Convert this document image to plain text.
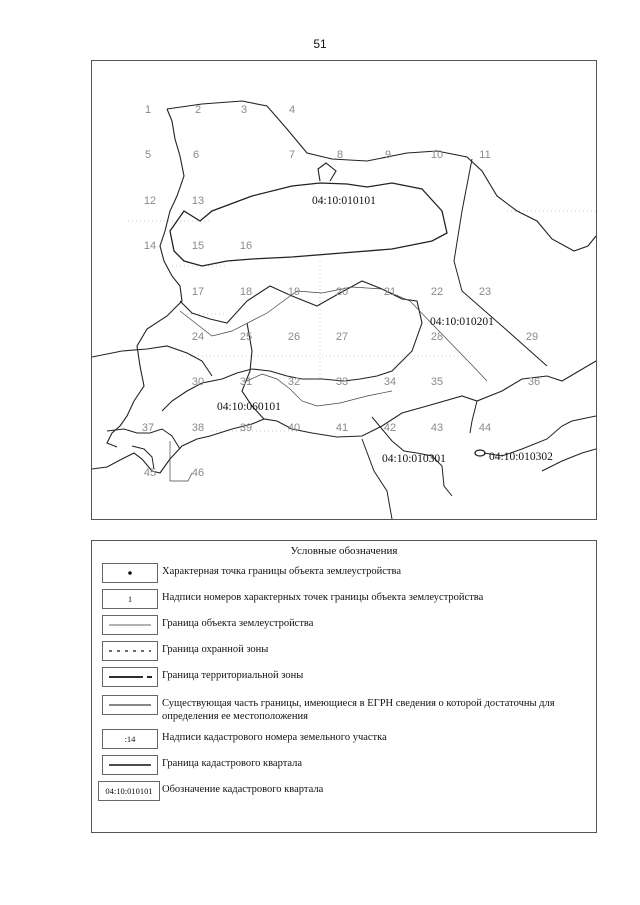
51
1	2	3	4
5	6	7	8	9	10	11
12	13
14	15	16
17	18	19	20	21	22	23
24	25	26	27	28	29
30	31	32	33	34	35	36
37	38	39	40	41	42	43	44
45	46
04:10:010101
04:10:010201
04:10:060101
04:10:010301	04:10:010302
Условные обозначения
Характерная точка границы объекта землеустройства
1	Надписи номеров характерных точек границы объекта землеустройства
Граница объекта землеустройства
Граница охранной зоны
Граница территориальной зоны
Существующая часть границы, имеющиеся в ЕГРН сведения о которой достаточны для определения ее местоположения
:14	Надписи кадастрового номера земельного участка
Граница кадастрового квартала
04:10:010101 Обозначение кадастрового квартала
